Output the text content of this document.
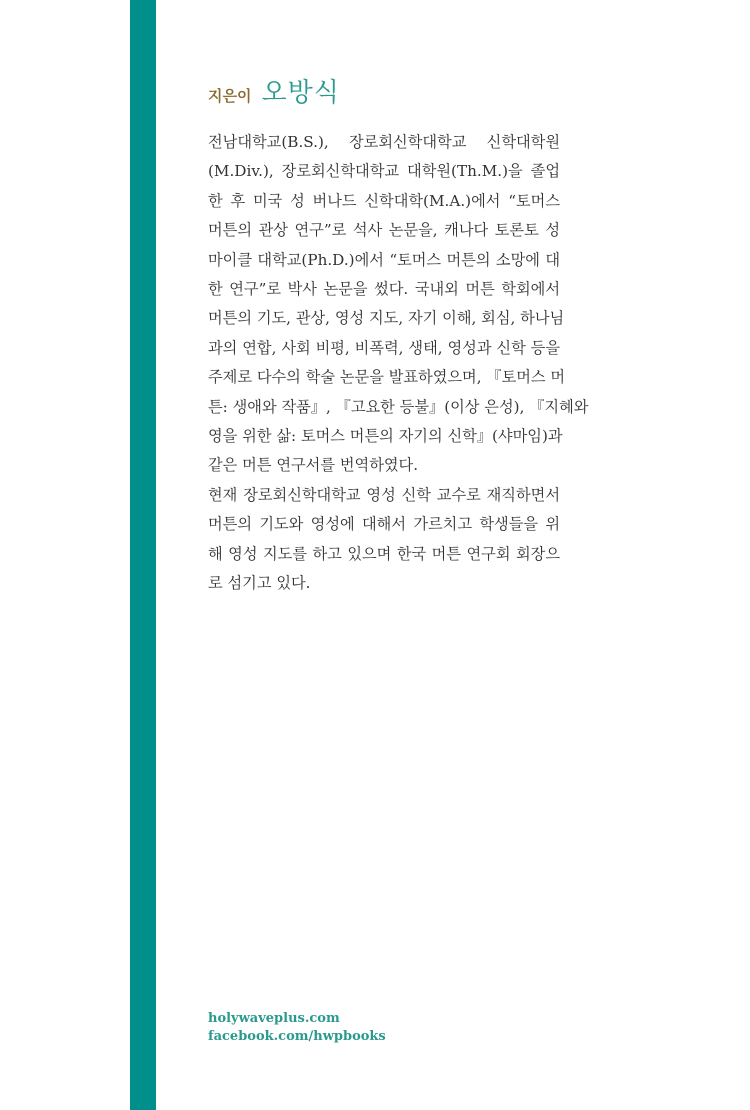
지은이 오방식

전남대학교(B.S.), 장로회신학대학교 신학대학원

(M.Div.), 장로회신학대학교 대학원(Th.M.)을 졸업

한 후 미국 성 버나드 신학대학(M.A.)에서 “토머스

머튼의 관상 연구”로 석사 논문을, 캐나다 토론토 성

마이클 대학교(Ph.D.)에서 “토머스 머튼의 소망에 대

한 연구”로 박사 논문을 썼다. 국내외 머튼 학회에서

머튼의 기도, 관상, 영성 지도, 자기 이해, 회심, 하나님

과의 연합, 사회 비평, 비폭력, 생태, 영성과 신학 등을

주제로 다수의 학술 논문을 발표하였으며, 『토머스 머

튼: 생애와 작품』, 『고요한 등불』(이상 은성), 『지혜와

영을 위한 삶: 토머스 머튼의 자기의 신학』(샤마임)과

같은 머튼 연구서를 번역하였다.

현재 장로회신학대학교 영성 신학 교수로 재직하면서

머튼의 기도와 영성에 대해서 가르치고 학생들을 위

해 영성 지도를 하고 있으며 한국 머튼 연구회 회장으

로 섬기고 있다.

holywaveplus.com
facebook.com/hwpbooks
